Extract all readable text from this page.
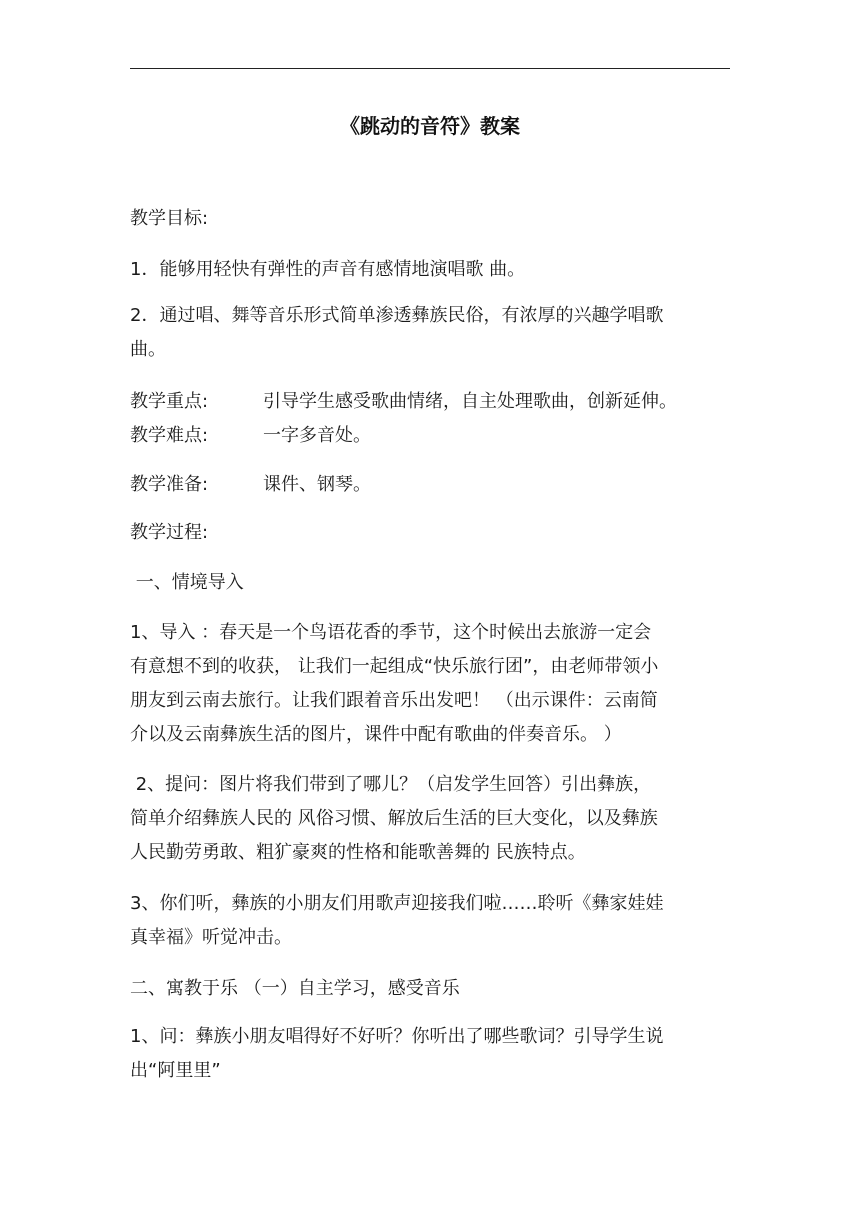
《跳动的音符》教案
教学目标:
1．能够用轻快有弹性的声音有感情地演唱歌 曲。
2．通过唱、舞等音乐形式简单渗透彝族民俗，有浓厚的兴趣学唱歌
曲。
教学重点:	引导学生感受歌曲情绪，自主处理歌曲，创新延伸。
教学难点:	一字多音处。
教学准备:	课件、钢琴。
教学过程:
一、情境导入
1、导入 ：春天是一个鸟语花香的季节，这个时候出去旅游一定会
有意想不到的收获， 让我们一起组成“快乐旅行团”，由老师带领小
朋友到云南去旅行。让我们跟着音乐出发吧！ （出示课件：云南简
介以及云南彝族生活的图片，课件中配有歌曲的伴奏音乐。 ）
2、提问：图片将我们带到了哪儿？（启发学生回答）引出彝族，
简单介绍彝族人民的 风俗习惯、解放后生活的巨大变化，以及彝族
人民勤劳勇敢、粗犷豪爽的性格和能歌善舞的 民族特点。
3、你们听，彝族的小朋友们用歌声迎接我们啦……聆听《彝家娃娃
真幸福》听觉冲击。
二、寓教于乐 （一）自主学习，感受音乐
1、问：彝族小朋友唱得好不好听？你听出了哪些歌词？引导学生说
出“阿里里”
